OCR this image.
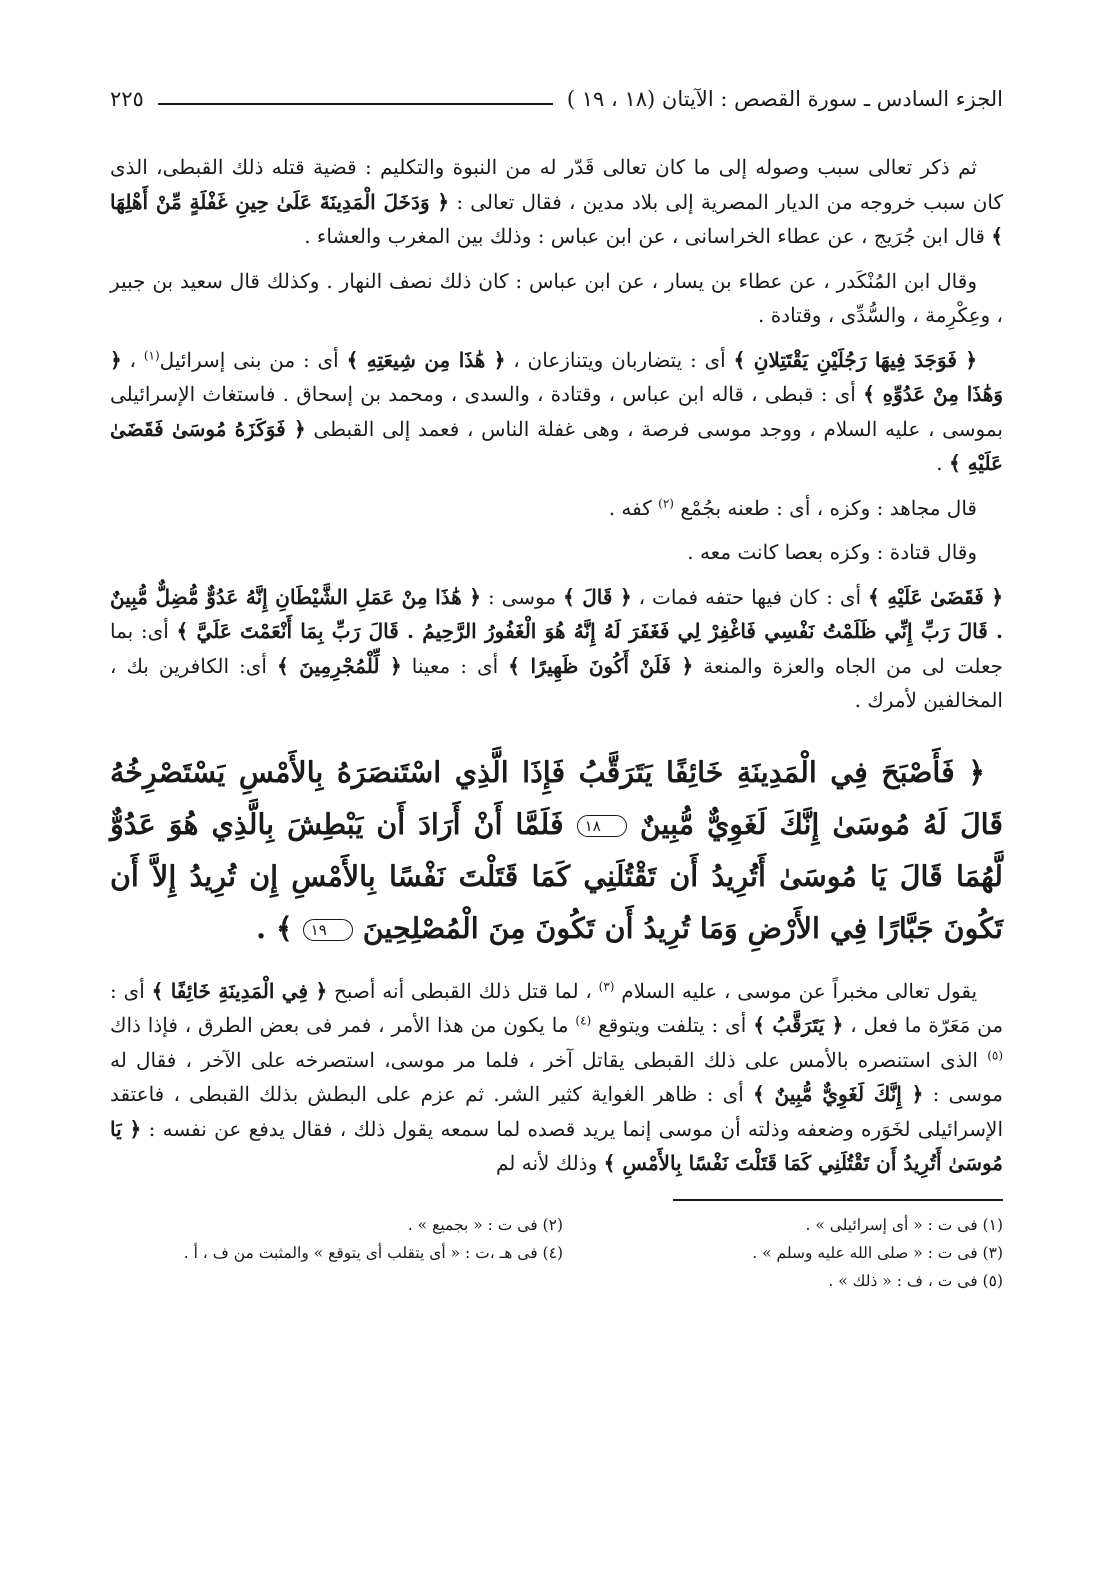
الجزء السادس ـ سورة القصص : الآيتان (١٨ ، ١٩ )
٢٢٥

ثم ذكر تعالى سبب وصوله إلى ما كان تعالى قَدّر له من النبوة والتكليم : قضية قتله ذلك القبطى، الذى كان سبب خروجه من الديار المصرية إلى بلاد مدين ، فقال تعالى : ﴿ وَدَخَلَ الْمَدِينَةَ عَلَىٰ حِينِ غَفْلَةٍ مِّنْ أَهْلِهَا ﴾ قال ابن جُرَيج ، عن عطاء الخراسانى ، عن ابن عباس : وذلك بين المغرب والعشاء .

وقال ابن المُنْكَدر ، عن عطاء بن يسار ، عن ابن عباس : كان ذلك نصف النهار . وكذلك قال سعيد بن جبير ، وعِكْرِمة ، والسُّدِّى ، وقتادة .

﴿ فَوَجَدَ فِيهَا رَجُلَيْنِ يَقْتَتِلانِ ﴾ أى : يتضاربان ويتنازعان ، ﴿ هَٰذَا مِن شِيعَتِهِ ﴾ أى : من بنى إسرائيل$^{(١)}$ ، ﴿ وَهَٰذَا مِنْ عَدُوِّهِ ﴾ أى : قبطى ، قاله ابن عباس ، وقتادة ، والسدى ، ومحمد بن إسحاق . فاستغاث الإسرائيلى بموسى ، عليه السلام ، ووجد موسى فرصة ، وهى غفلة الناس ، فعمد إلى القبطى ﴿ فَوَكَزَهُ مُوسَىٰ فَقَضَىٰ عَلَيْهِ ﴾ .

قال مجاهد : وكزه ، أى : طعنه بجُمْع $^{(٢)}$ كفه .

وقال قتادة : وكزه بعصا كانت معه .

﴿ فَقَضَىٰ عَلَيْهِ ﴾ أى : كان فيها حتفه فمات ، ﴿ قَالَ ﴾ موسى : ﴿ هَٰذَا مِنْ عَمَلِ الشَّيْطَانِ إِنَّهُ عَدُوٌّ مُّضِلٌّ مُّبِينٌ . قَالَ رَبِّ إِنِّي ظَلَمْتُ نَفْسِي فَاغْفِرْ لِي فَغَفَرَ لَهُ إِنَّهُ هُوَ الْغَفُورُ الرَّحِيمُ . قَالَ رَبِّ بِمَا أَنْعَمْتَ عَلَيَّ ﴾ أى: بما جعلت لى من الجاه والعزة والمنعة ﴿ فَلَنْ أَكُونَ ظَهِيرًا ﴾ أى : معينا ﴿ لِّلْمُجْرِمِينَ ﴾ أى: الكافرين بك ، المخالفين لأمرك .

﴿ فَأَصْبَحَ فِي الْمَدِينَةِ خَائِفًا يَتَرَقَّبُ فَإِذَا الَّذِي اسْتَنصَرَهُ بِالأَمْسِ يَسْتَصْرِخُهُ قَالَ لَهُ مُوسَىٰ إِنَّكَ لَغَوِيٌّ مُّبِينٌ ١٨ فَلَمَّا أَنْ أَرَادَ أَن يَبْطِشَ بِالَّذِي هُوَ عَدُوٌّ لَّهُمَا قَالَ يَا مُوسَىٰ أَتُرِيدُ أَن تَقْتُلَنِي كَمَا قَتَلْتَ نَفْسًا بِالأَمْسِ إِن تُرِيدُ إِلاَّ أَن تَكُونَ جَبَّارًا فِي الأَرْضِ وَمَا تُرِيدُ أَن تَكُونَ مِنَ الْمُصْلِحِينَ ١٩ ﴾ .

يقول تعالى مخبراً عن موسى ، عليه السلام $^{(٣)}$ ، لما قتل ذلك القبطى أنه أصبح ﴿ فِي الْمَدِينَةِ خَائِفًا ﴾ أى : من مَعَرّة ما فعل ، ﴿ يَتَرَقَّبُ ﴾ أى : يتلفت ويتوقع $^{(٤)}$ ما يكون من هذا الأمر ، فمر فى بعض الطرق ، فإذا ذاك $^{(٥)}$ الذى استنصره بالأمس على ذلك القبطى يقاتل آخر ، فلما مر موسى، استصرخه على الآخر ، فقال له موسى : ﴿ إِنَّكَ لَغَوِيٌّ مُّبِينٌ ﴾ أى : ظاهر الغواية كثير الشر. ثم عزم على البطش بذلك القبطى ، فاعتقد الإسرائيلى لخَوَره وضعفه وذلته أن موسى إنما يريد قصده لما سمعه يقول ذلك ، فقال يدفع عن نفسه : ﴿ يَا مُوسَىٰ أَتُرِيدُ أَن تَقْتُلَنِي كَمَا قَتَلْتَ نَفْسًا بِالأَمْسِ ﴾ وذلك لأنه لم

(١) فى ت : « أى إسرائيلى » .
(٢) فى ت : « بجميع » .
(٣) فى ت : « صلى الله عليه وسلم » .
(٤) فى هـ ،ت : « أى يتقلب أى يتوقع » والمثبت من ف ، أ .
(٥) فى ت ، ف : « ذلك » .
